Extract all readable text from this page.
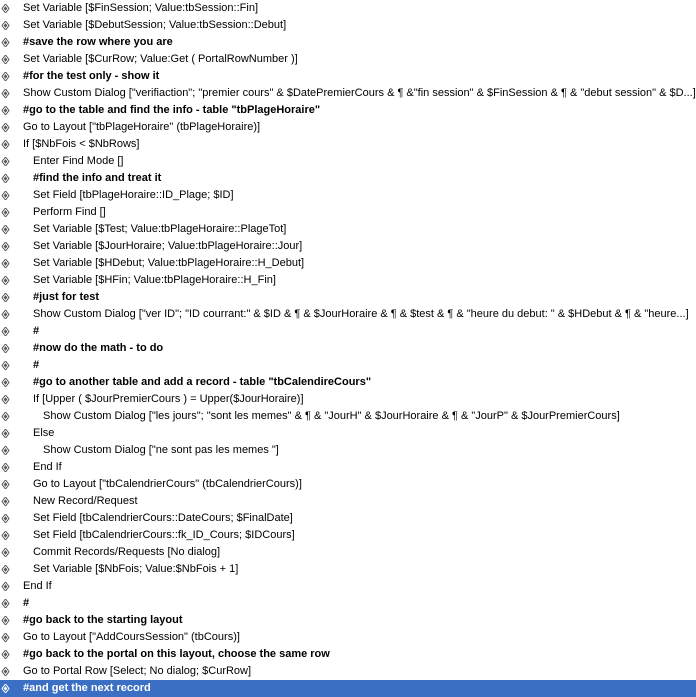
Set Variable [$FinSession; Value:tbSession::Fin]
Set Variable [$DebutSession; Value:tbSession::Debut]
#save the row where you are
Set Variable [$CurRow; Value:Get ( PortalRowNumber )]
#for the test only - show it
Show Custom Dialog ["verifiaction"; "premier cours" & $DatePremierCours & ¶ &"fin session" & $FinSession & ¶ & "debut session" & $D...]
#go to the table and find the info - table "tbPlageHoraire"
Go to Layout ["tbPlageHoraire" (tbPlageHoraire)]
If [$NbFois < $NbRows]
Enter Find Mode []
#find the info and treat it
Set Field [tbPlageHoraire::ID_Plage; $ID]
Perform Find []
Set Variable [$Test; Value:tbPlageHoraire::PlageTot]
Set Variable [$JourHoraire; Value:tbPlageHoraire::Jour]
Set Variable [$HDebut; Value:tbPlageHoraire::H_Debut]
Set Variable [$HFin; Value:tbPlageHoraire::H_Fin]
#just for test
Show Custom Dialog ["ver ID"; "ID courrant:" & $ID & ¶ & $JourHoraire & ¶ & $test & ¶ & "heure du debut: " & $HDebut & ¶ & "heure...]
#
#now do the math - to do
#
#go to another table and add a record - table "tbCalendireCours"
If [Upper ( $JourPremierCours ) = Upper($JourHoraire)]
Show Custom Dialog ["les jours"; "sont les memes" & ¶ & "JourH" & $JourHoraire & ¶ & "JourP" & $JourPremierCours]
Else
Show Custom Dialog ["ne sont pas les memes "]
End If
Go to Layout ["tbCalendrierCours" (tbCalendrierCours)]
New Record/Request
Set Field [tbCalendrierCours::DateCours; $FinalDate]
Set Field [tbCalendrierCours::fk_ID_Cours; $IDCours]
Commit Records/Requests [No dialog]
Set Variable [$NbFois; Value:$NbFois + 1]
End If
#
#go back to the starting layout
Go to Layout ["AddCoursSession" (tbCours)]
#go back to the portal on this layout, choose the same row
Go to Portal Row [Select; No dialog; $CurRow]
#and get the next record
